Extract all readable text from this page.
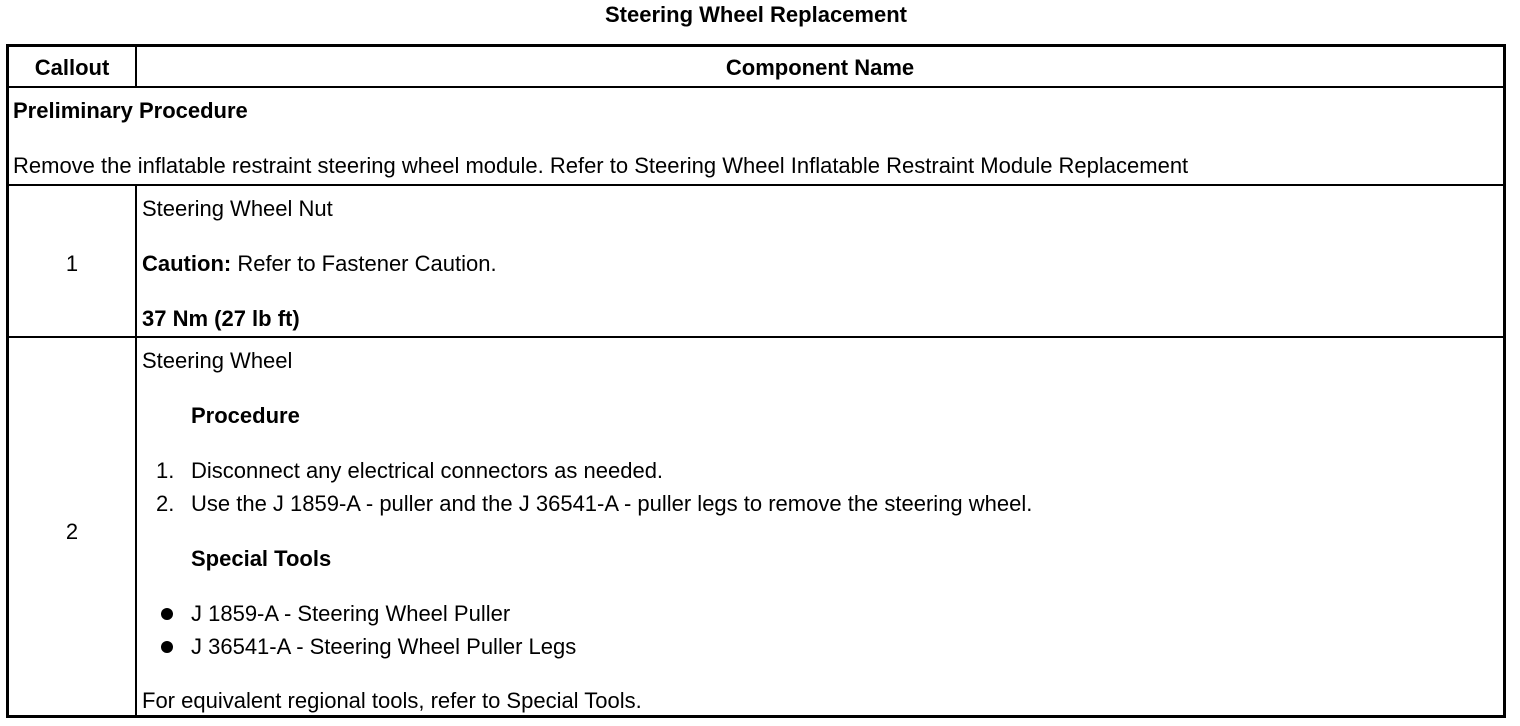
Steering Wheel Replacement
Callout	Component Name
Preliminary Procedure
Remove the inflatable restraint steering wheel module. Refer to Steering Wheel Inflatable Restraint Module Replacement
1
Steering Wheel Nut
Caution: Refer to Fastener Caution.
37 Nm (27 lb ft)
2
Steering Wheel
Procedure
1. Disconnect any electrical connectors as needed.
2. Use the J 1859-A - puller and the J 36541-A - puller legs to remove the steering wheel.
Special Tools
J 1859-A - Steering Wheel Puller
J 36541-A - Steering Wheel Puller Legs
For equivalent regional tools, refer to Special Tools.
